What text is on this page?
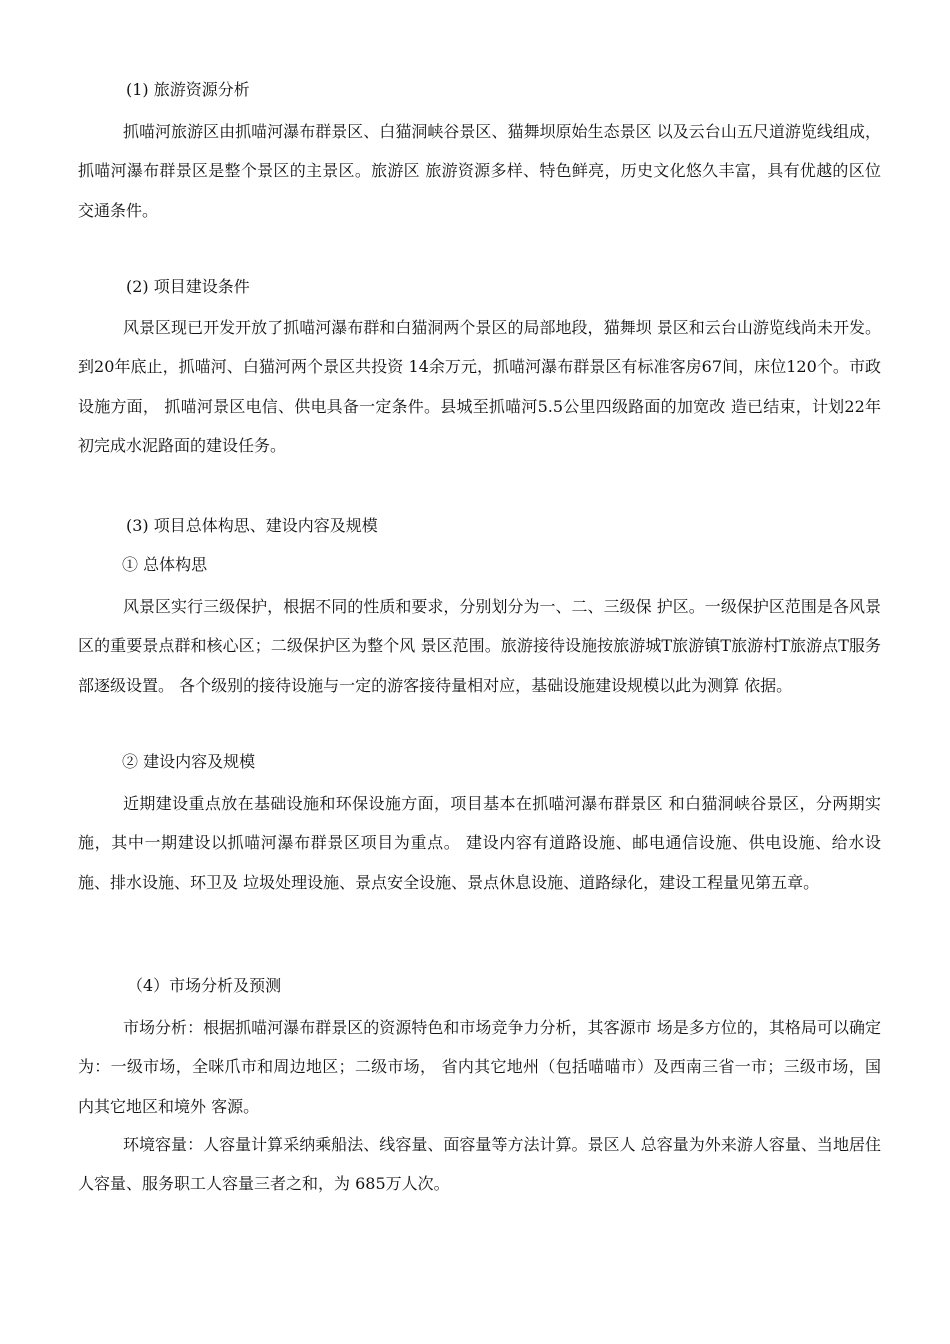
(1) 旅游资源分析
抓喵河旅游区由抓喵河瀑布群景区、白猫洞峡谷景区、猫舞坝原始生态景区 以及云台山五尺道游览线组成，抓喵河瀑布群景区是整个景区的主景区。旅游区 旅游资源多样、特色鲜亮，历史文化悠久丰富，具有优越的区位交通条件。
(2) 项目建设条件
风景区现已开发开放了抓喵河瀑布群和白猫洞两个景区的局部地段，猫舞坝 景区和云台山游览线尚未开发。到20年底止，抓喵河、白猫河两个景区共投资 14余万元，抓喵河瀑布群景区有标准客房67间，床位120个。市政设施方面， 抓喵河景区电信、供电具备一定条件。县城至抓喵河5.5公里四级路面的加宽改 造已结束，计划22年初完成水泥路面的建设任务。
(3) 项目总体构思、建设内容及规模
① 总体构思
风景区实行三级保护，根据不同的性质和要求，分别划分为一、二、三级保 护区。一级保护区范围是各风景区的重要景点群和核心区；二级保护区为整个风 景区范围。旅游接待设施按旅游城T旅游镇T旅游村T旅游点T服务部逐级设置。 各个级别的接待设施与一定的游客接待量相对应，基础设施建设规模以此为测算 依据。
② 建设内容及规模
近期建设重点放在基础设施和环保设施方面，项目基本在抓喵河瀑布群景区 和白猫洞峡谷景区，分两期实施，其中一期建设以抓喵河瀑布群景区项目为重点。 建设内容有道路设施、邮电通信设施、供电设施、给水设施、排水设施、环卫及 垃圾处理设施、景点安全设施、景点休息设施、道路绿化，建设工程量见第五章。
（4）市场分析及预测
市场分析：根据抓喵河瀑布群景区的资源特色和市场竞争力分析，其客源市 场是多方位的，其格局可以确定为：一级市场，全咪爪市和周边地区；二级市场， 省内其它地州（包括喵喵市）及西南三省一市；三级市场，国内其它地区和境外 客源。
环境容量：人容量计算采纳乘船法、线容量、面容量等方法计算。景区人 总容量为外来游人容量、当地居住人容量、服务职工人容量三者之和，为 685万人次。
